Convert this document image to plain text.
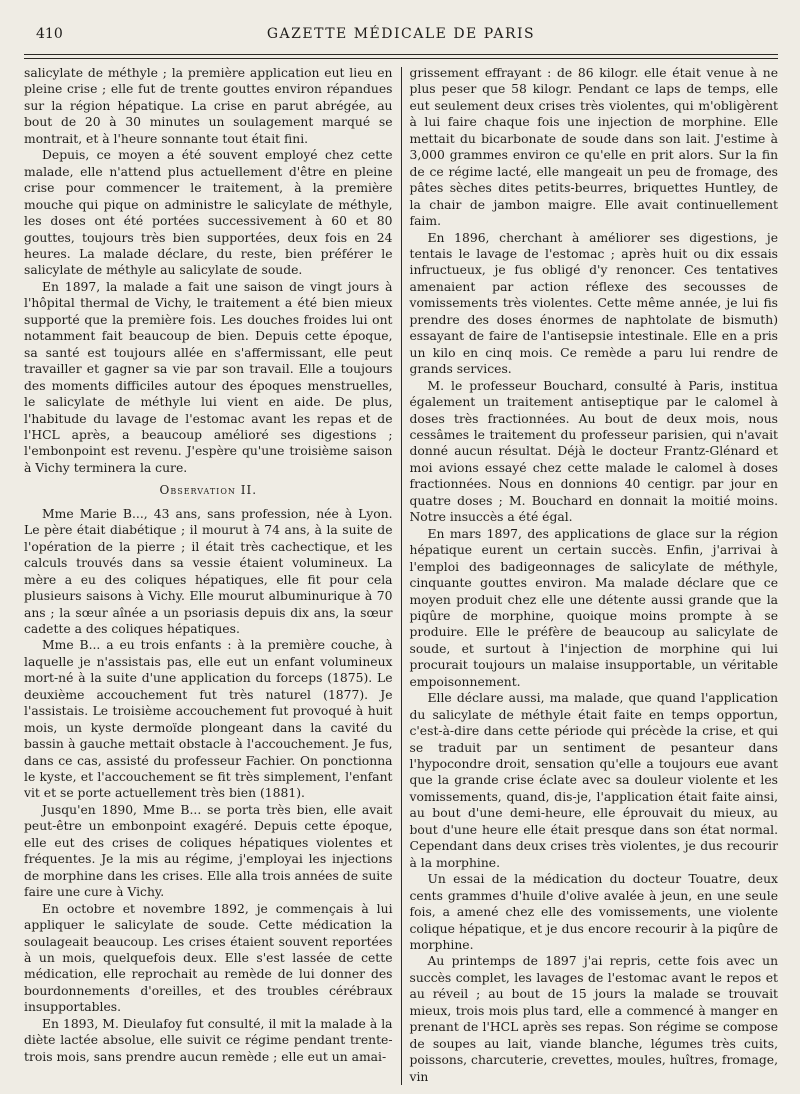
410	GAZETTE MÉDICALE DE PARIS

salicylate de méthyle ; la première application eut lieu en pleine crise ; elle fut de trente gouttes environ répandues sur la région hépatique. La crise en parut abrégée, au bout de 20 à 30 minutes un soulagement marqué se montrait, et à l'heure sonnante tout était fini.

Depuis, ce moyen a été souvent employé chez cette malade, elle n'attend plus actuellement d'être en pleine crise pour commencer le traitement, à la première mouche qui pique on administre le salicylate de méthyle, les doses ont été portées successivement à 60 et 80 gouttes, toujours très bien supportées, deux fois en 24 heures. La malade déclare, du reste, bien préférer le salicylate de méthyle au salicylate de soude.

En 1897, la malade a fait une saison de vingt jours à l'hôpital thermal de Vichy, le traitement a été bien mieux supporté que la première fois. Les douches froides lui ont notamment fait beaucoup de bien. Depuis cette époque, sa santé est toujours allée en s'affermissant, elle peut travailler et gagner sa vie par son travail. Elle a toujours des moments difficiles autour des époques menstruelles, le salicylate de méthyle lui vient en aide. De plus, l'habitude du lavage de l'estomac avant les repas et de l'HCL après, a beaucoup amélioré ses digestions ; l'embonpoint est revenu. J'espère qu'une troisième saison à Vichy terminera la cure.

Observation II.

Mme Marie B..., 43 ans, sans profession, née à Lyon. Le père était diabétique ; il mourut à 74 ans, à la suite de l'opération de la pierre ; il était très cachectique, et les calculs trouvés dans sa vessie étaient volumineux. La mère a eu des coliques hépatiques, elle fit pour cela plusieurs saisons à Vichy. Elle mourut albuminurique à 70 ans ; la sœur aînée a un psoriasis depuis dix ans, la sœur cadette a des coliques hépatiques.

Mme B... a eu trois enfants : à la première couche, à laquelle je n'assistais pas, elle eut un enfant volumineux mort-né à la suite d'une application du forceps (1875). Le deuxième accouchement fut très naturel (1877). Je l'assistais. Le troisième accouchement fut provoqué à huit mois, un kyste dermoïde plongeant dans la cavité du bassin à gauche mettait obstacle à l'accouchement. Je fus, dans ce cas, assisté du professeur Fachier. On ponctionna le kyste, et l'accouchement se fit très simplement, l'enfant vit et se porte actuellement très bien (1881).

Jusqu'en 1890, Mme B... se porta très bien, elle avait peut-être un embonpoint exagéré. Depuis cette époque, elle eut des crises de coliques hépatiques violentes et fréquentes. Je la mis au régime, j'employai les injections de morphine dans les crises. Elle alla trois années de suite faire une cure à Vichy.

En octobre et novembre 1892, je commençais à lui appliquer le salicylate de soude. Cette médication la soulageait beaucoup. Les crises étaient souvent reportées à un mois, quelquefois deux. Elle s'est lassée de cette médication, elle reprochait au remède de lui donner des bourdonnements d'oreilles, et des troubles cérébraux insupportables.

En 1893, M. Dieulafoy fut consulté, il mit la malade à la diète lactée absolue, elle suivit ce régime pendant trente-trois mois, sans prendre aucun remède ; elle eut un amai-

grissement effrayant : de 86 kilogr. elle était venue à ne plus peser que 58 kilogr. Pendant ce laps de temps, elle eut seulement deux crises très violentes, qui m'obligèrent à lui faire chaque fois une injection de morphine. Elle mettait du bicarbonate de soude dans son lait. J'estime à 3,000 grammes environ ce qu'elle en prit alors. Sur la fin de ce régime lacté, elle mangeait un peu de fromage, des pâtes sèches dites petits-beurres, briquettes Huntley, de la chair de jambon maigre. Elle avait continuellement faim.

En 1896, cherchant à améliorer ses digestions, je tentais le lavage de l'estomac ; après huit ou dix essais infructueux, je fus obligé d'y renoncer. Ces tentatives amenaient par action réflexe des secousses de vomissements très violentes. Cette même année, je lui fis prendre des doses énormes de naphtolate de bismuth) essayant de faire de l'antisepsie intestinale. Elle en a pris un kilo en cinq mois. Ce remède a paru lui rendre de grands services.

M. le professeur Bouchard, consulté à Paris, institua également un traitement antiseptique par le calomel à doses très fractionnées. Au bout de deux mois, nous cessâmes le traitement du professeur parisien, qui n'avait donné aucun résultat. Déjà le docteur Frantz-Glénard et moi avions essayé chez cette malade le calomel à doses fractionnées. Nous en donnions 40 centigr. par jour en quatre doses ; M. Bouchard en donnait la moitié moins. Notre insuccès a été égal.

En mars 1897, des applications de glace sur la région hépatique eurent un certain succès. Enfin, j'arrivai à l'emploi des badigeonnages de salicylate de méthyle, cinquante gouttes environ. Ma malade déclare que ce moyen produit chez elle une détente aussi grande que la piqûre de morphine, quoique moins prompte à se produire. Elle le préfère de beaucoup au salicylate de soude, et surtout à l'injection de morphine qui lui procurait toujours un malaise insupportable, un véritable empoisonnement.

Elle déclare aussi, ma malade, que quand l'application du salicylate de méthyle était faite en temps opportun, c'est-à-dire dans cette période qui précède la crise, et qui se traduit par un sentiment de pesanteur dans l'hypocondre droit, sensation qu'elle a toujours eue avant que la grande crise éclate avec sa douleur violente et les vomissements, quand, dis-je, l'application était faite ainsi, au bout d'une demi-heure, elle éprouvait du mieux, au bout d'une heure elle était presque dans son état normal. Cependant dans deux crises très violentes, je dus recourir à la morphine.

Un essai de la médication du docteur Touatre, deux cents grammes d'huile d'olive avalée à jeun, en une seule fois, a amené chez elle des vomissements, une violente colique hépatique, et je dus encore recourir à la piqûre de morphine.

Au printemps de 1897 j'ai repris, cette fois avec un succès complet, les lavages de l'estomac avant le repos et au réveil ; au bout de 15 jours la malade se trouvait mieux, trois mois plus tard, elle a commencé à manger en prenant de l'HCL après ses repas. Son régime se compose de soupes au lait, viande blanche, légumes très cuits, poissons, charcuterie, crevettes, moules, huîtres, fromage, vin
